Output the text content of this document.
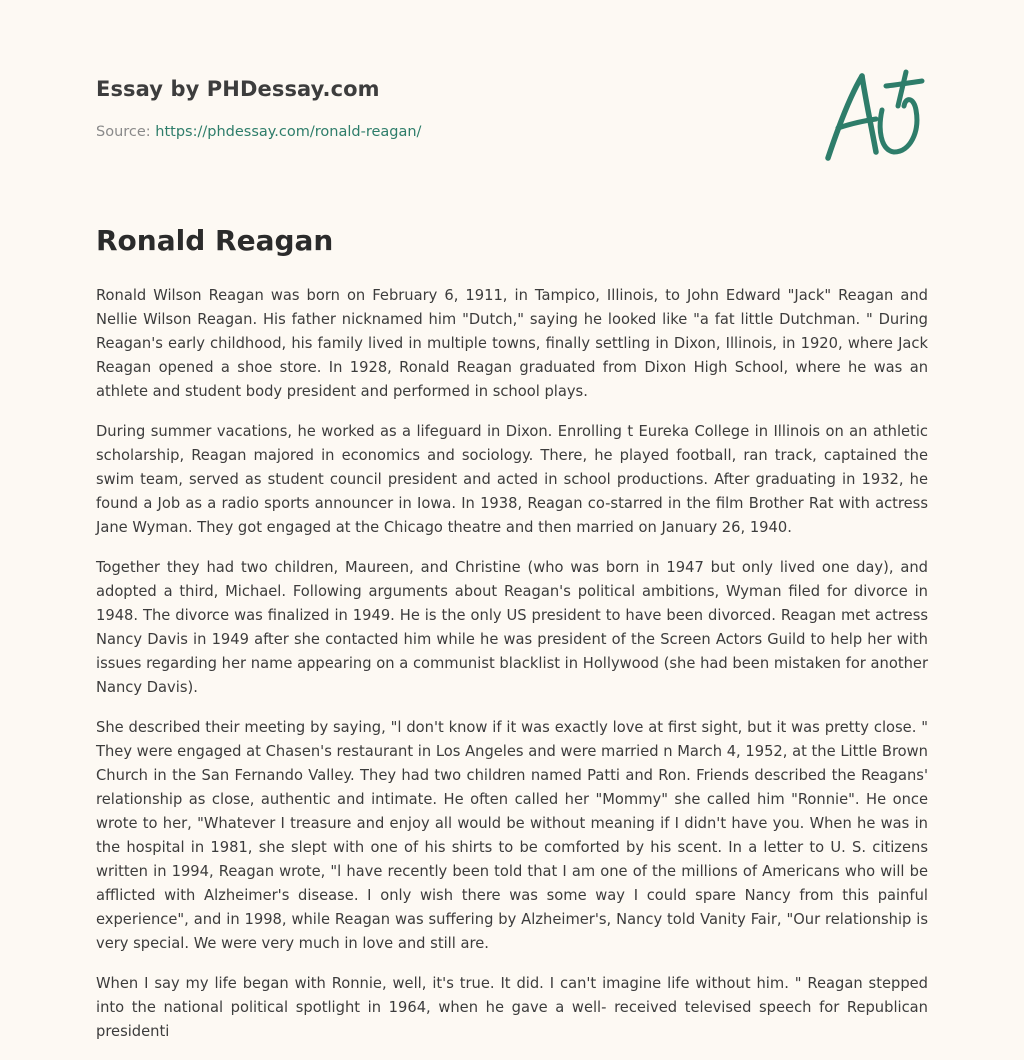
Essay by PHDessay.com
Source: https://phdessay.com/ronald-reagan/
Ronald Reagan

Ronald Wilson Reagan was born on February 6, 1911, in Tampico, Illinois, to John Edward "Jack" Reagan and Nellie Wilson Reagan. His father nicknamed him "Dutch," saying he looked like "a fat little Dutchman. " During Reagan's early childhood, his family lived in multiple towns, finally settling in Dixon, Illinois, in 1920, where Jack Reagan opened a shoe store. In 1928, Ronald Reagan graduated from Dixon High School, where he was an athlete and student body president and performed in school plays.

During summer vacations, he worked as a lifeguard in Dixon. Enrolling t Eureka College in Illinois on an athletic scholarship, Reagan majored in economics and sociology. There, he played football, ran track, captained the swim team, served as student council president and acted in school productions. After graduating in 1932, he found a Job as a radio sports announcer in Iowa. In 1938, Reagan co-starred in the film Brother Rat with actress Jane Wyman. They got engaged at the Chicago theatre and then married on January 26, 1940.

Together they had two children, Maureen, and Christine (who was born in 1947 but only lived one day), and adopted a third, Michael. Following arguments about Reagan's political ambitions, Wyman filed for divorce in 1948. The divorce was finalized in 1949. He is the only US president to have been divorced. Reagan met actress Nancy Davis in 1949 after she contacted him while he was president of the Screen Actors Guild to help her with issues regarding her name appearing on a communist blacklist in Hollywood (she had been mistaken for another Nancy Davis).

She described their meeting by saying, "l don't know if it was exactly love at first sight, but it was pretty close. " They were engaged at Chasen's restaurant in Los Angeles and were married n March 4, 1952, at the Little Brown Church in the San Fernando Valley. They had two children named Patti and Ron. Friends described the Reagans' relationship as close, authentic and intimate. He often called her "Mommy" she called him "Ronnie". He once wrote to her, "Whatever I treasure and enjoy all would be without meaning if I didn't have you. When he was in the hospital in 1981, she slept with one of his shirts to be comforted by his scent. In a letter to U. S. citizens written in 1994, Reagan wrote, "l have recently been told that I am one of the millions of Americans who will be afflicted with Alzheimer's disease. I only wish there was some way I could spare Nancy from this painful experience", and in 1998, while Reagan was suffering by Alzheimer's, Nancy told Vanity Fair, "Our relationship is very special. We were very much in love and still are.

When I say my life began with Ronnie, well, it's true. It did. I can't imagine life without him. " Reagan stepped into the national political spotlight in 1964, when he gave a well- received televised speech for Republican presidenti
